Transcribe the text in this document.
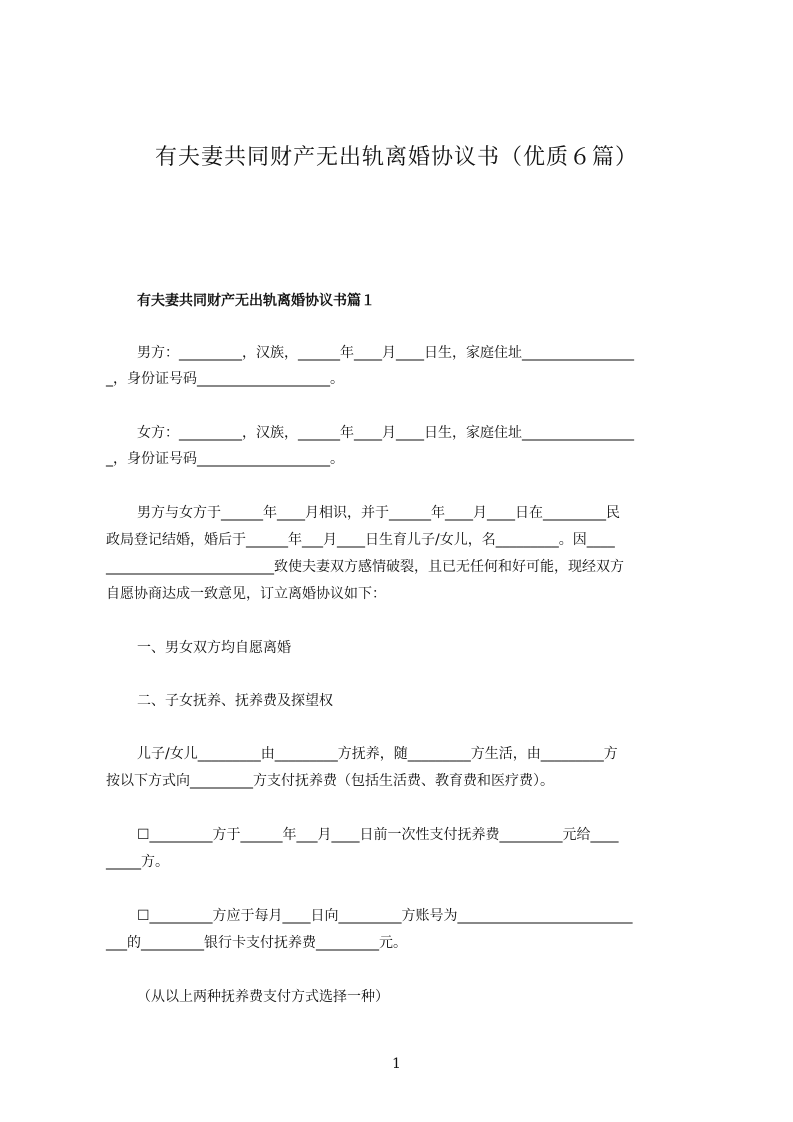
有夫妻共同财产无出轨离婚协议书（优质６篇）
有夫妻共同财产无出轨离婚协议书篇１
男方：_________，汉族，______年____月____日生，家庭住址________________
_，身份证号码___________________。
女方：_________，汉族，______年____月____日生，家庭住址________________
_，身份证号码___________________。
男方与女方于______年____月相识，并于______年____月____日在_________民
政局登记结婚，婚后于______年___月____日生育儿子/女儿，名_________。因____
________________________致使夫妻双方感情破裂，且已无任何和好可能，现经双方
自愿协商达成一致意见，订立离婚协议如下：
一、男女双方均自愿离婚
二、子女抚养、抚养费及探望权
儿子/女儿_________由_________方抚养，随_________方生活，由_________方
按以下方式向_________方支付抚养费（包括生活费、教育费和医疗费）。
☐_________方于______年___月____日前一次性支付抚养费_________元给____
_____方。
☐_________方应于每月____日向_________方账号为_________________________
___的_________银行卡支付抚养费_________元。
（从以上两种抚养费支付方式选择一种）
1
